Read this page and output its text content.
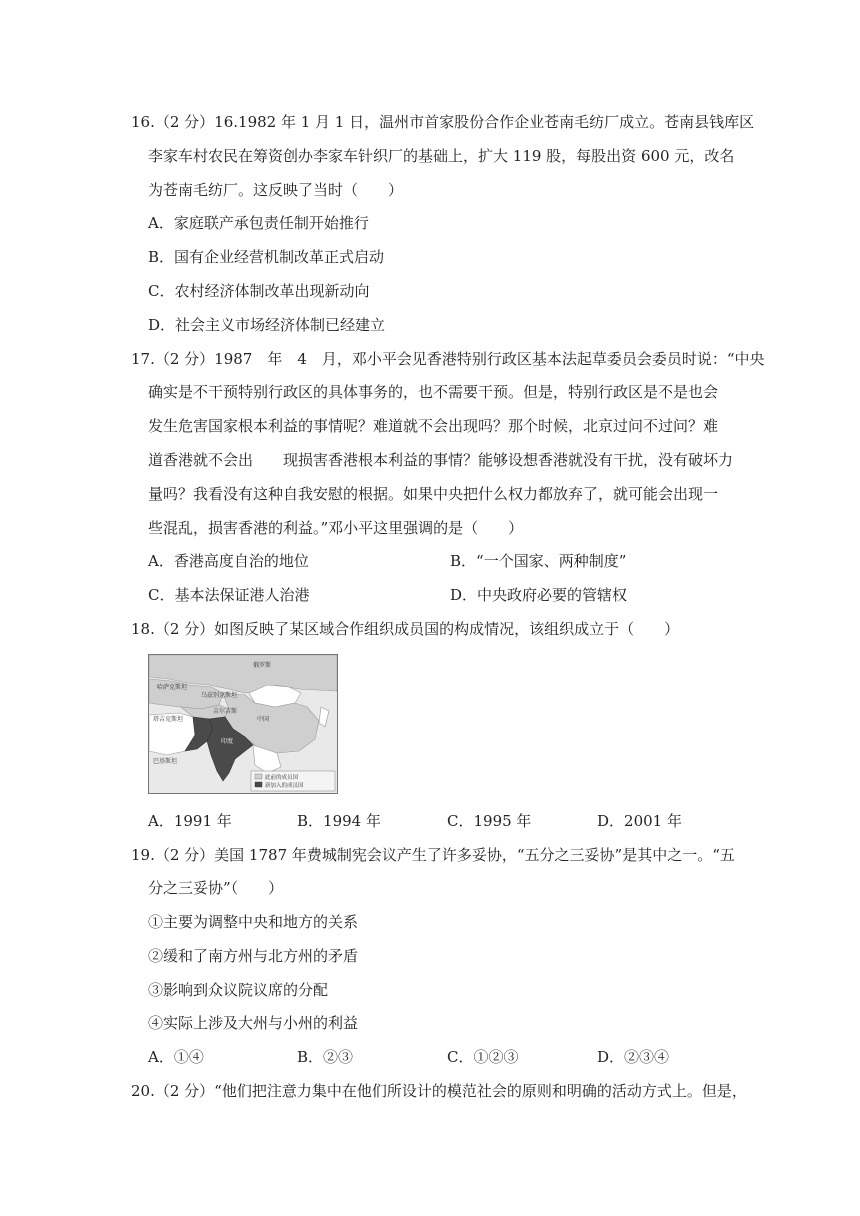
16.（2 分）16.1982 年 1 月 1 日，温州市首家股份合作企业苍南毛纺厂成立。苍南县钱库区
李家车村农民在筹资创办李家车针织厂的基础上，扩大 119 股，每股出资 600 元，改名
为苍南毛纺厂。这反映了当时（　　）
A．家庭联产承包责任制开始推行
B．国有企业经营机制改革正式启动
C．农村经济体制改革出现新动向
D．社会主义市场经济体制已经建立
17.（2 分）1987　年　4　月，邓小平会见香港特别行政区基本法起草委员会委员时说：“中央
确实是不干预特别行政区的具体事务的，也不需要干预。但是，特别行政区是不是也会
发生危害国家根本利益的事情呢？难道就不会出现吗？那个时候，北京过问不过问？难
道香港就不会出　　现损害香港根本利益的事情？能够设想香港就没有干扰，没有破坏力
量吗？我看没有这种自我安慰的根据。如果中央把什么权力都放弃了，就可能会出现一
些混乱，损害香港的利益。”邓小平这里强调的是（　　）
A．香港高度自治的地位	B．“一个国家、两种制度”
C．基本法保证港人治港	D．中央政府必要的管辖权
18.（2 分）如图反映了某区域合作组织成员国的构成情况，该组织成立于（　　）
俄罗斯
哈萨克斯坦
乌兹别克斯坦
吉尔吉斯
塔吉克斯坦	中国
印度
巴基斯坦
此前的成员国
新加入的成员国
A．1991 年	B．1994 年	C．1995 年	D．2001 年
19.（2 分）美国 1787 年费城制宪会议产生了许多妥协，“五分之三妥协”是其中之一。“五
分之三妥协”（　　）
①主要为调整中央和地方的关系
②缓和了南方州与北方州的矛盾
③影响到众议院议席的分配
④实际上涉及大州与小州的利益
A．①④	B．②③	C．①②③	D．②③④
20.（2 分）“他们把注意力集中在他们所设计的模范社会的原则和明确的活动方式上。但是，
